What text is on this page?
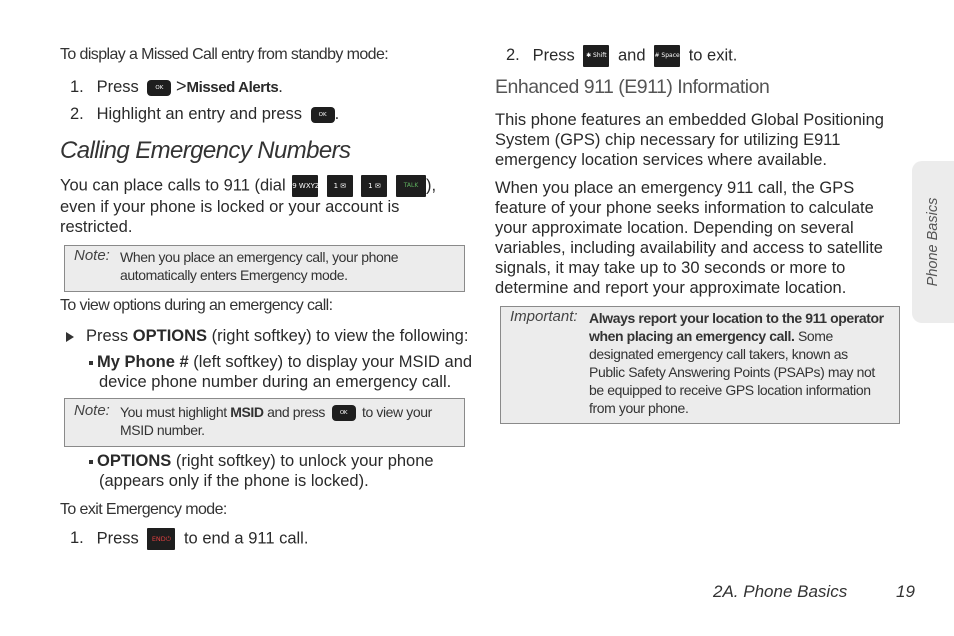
To display a Missed Call entry from standby mode:
1. Press	OK >Missed Alerts.
2. Highlight an entry and press	OK .
Calling Emergency Numbers
You can place calls to 911 (dial 9 WXYZ 1 ✉	1 ✉	TALK ),
even if your phone is locked or your account is
restricted.
Note: When you place an emergency call, your phone
automatically enters Emergency mode.
To view options during an emergency call:
Press OPTIONS (right softkey) to view the following:
My Phone # (left softkey) to display your MSID and
device phone number during an emergency call.
Note: You must highlight MSID and press	OK to view your
MSID number.
OPTIONS (right softkey) to unlock your phone
(appears only if the phone is locked).
To exit Emergency mode:
1. Press END⏻ to end a 911 call.
2. Press ✱ Shift and # Space to exit.
Enhanced 911 (E911) Information
This phone features an embedded Global Positioning
System (GPS) chip necessary for utilizing E911
emergency location services where available.
When you place an emergency 911 call, the GPS
feature of your phone seeks information to calculate
your approximate location. Depending on several
variables, including availability and access to satellite
signals, it may take up to 30 seconds or more to
determine and report your approximate location.
Important: Always report your location to the 911 operator
when placing an emergency call. Some
designated emergency call takers, known as
Public Safety Answering Points (PSAPs) may not
be equipped to receive GPS location information
from your phone.
Phone Basics
2A. Phone Basics	19
